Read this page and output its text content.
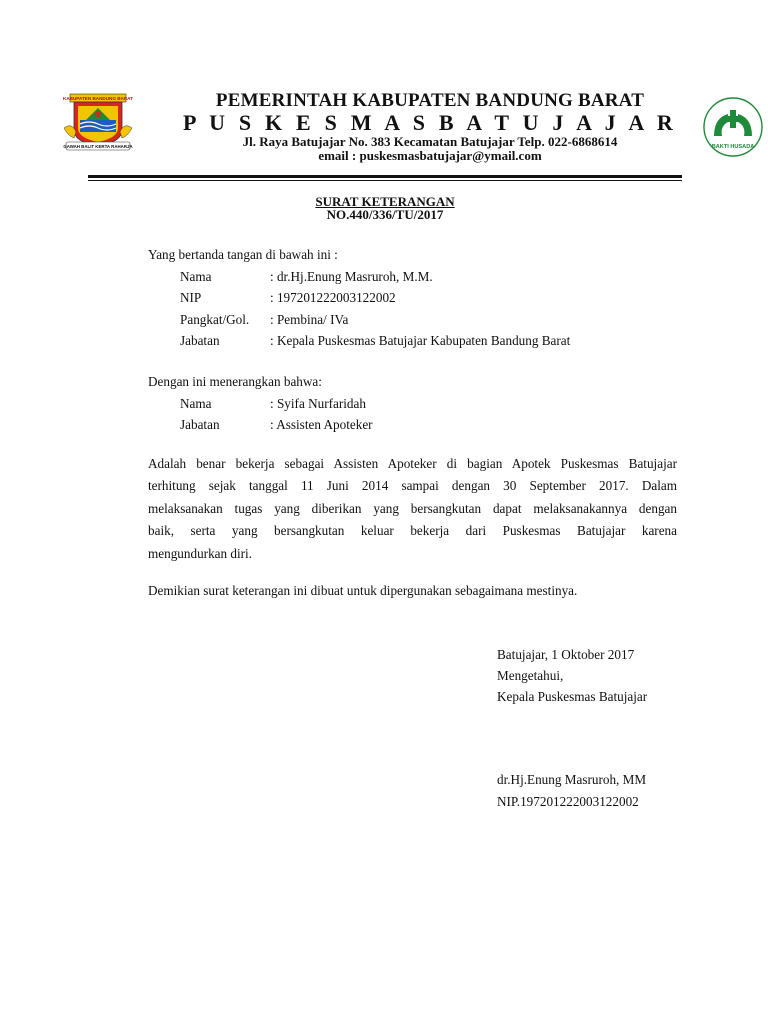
KABUPATEN BANDUNG BARAT
GAWAH BALIT KERTA RAHARJA	BAKTI HUSADA
PEMERINTAH KABUPATEN BANDUNG BARAT
P U S K E S M A S B A T U J A J A R
Jl. Raya Batujajar No. 383 Kecamatan Batujajar Telp. 022-6868614
email : puskesmasbatujajar@ymail.com
SURAT KETERANGAN
NO.440/336/TU/2017
Yang bertanda tangan di bawah ini :
Nama	: dr.Hj.Enung Masruroh, M.M.
NIP	: 197201222003122002
Pangkat/Gol. : Pembina/ IVa
Jabatan	: Kepala Puskesmas Batujajar Kabupaten Bandung Barat
Dengan ini menerangkan bahwa:
Nama	: Syifa Nurfaridah
Jabatan	: Assisten Apoteker
Adalah benar bekerja sebagai Assisten Apoteker di bagian Apotek Puskesmas Batujajar
terhitung sejak tanggal 11 Juni 2014 sampai dengan 30 September 2017. Dalam
melaksanakan tugas yang diberikan yang bersangkutan dapat melaksanakannya dengan
baik, serta yang bersangkutan keluar bekerja dari Puskesmas Batujajar karena
mengundurkan diri.
Demikian surat keterangan ini dibuat untuk dipergunakan sebagaimana mestinya.
Batujajar, 1 Oktober 2017
Mengetahui,
Kepala Puskesmas Batujajar
dr.Hj.Enung Masruroh, MM
NIP.197201222003122002
